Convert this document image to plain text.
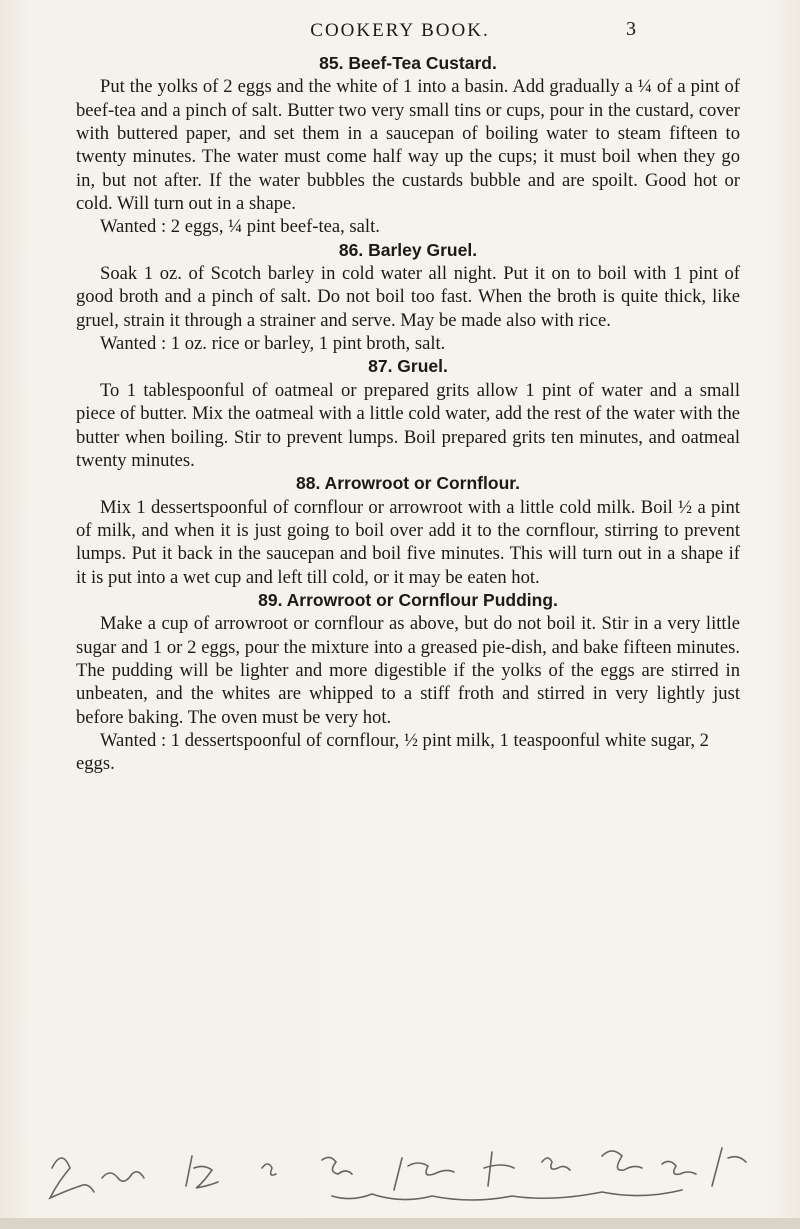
COOKERY BOOK.	3
85. Beef-Tea Custard.

Put the yolks of 2 eggs and the white of 1 into a basin. Add gradually a ¼ of a pint of beef-tea and a pinch of salt. Butter two very small tins or cups, pour in the custard, cover with buttered paper, and set them in a saucepan of boiling water to steam fifteen to twenty minutes. The water must come half way up the cups; it must boil when they go in, but not after. If the water bubbles the custards bubble and are spoilt. Good hot or cold. Will turn out in a shape.

Wanted : 2 eggs, ¼ pint beef-tea, salt.

86. Barley Gruel.

Soak 1 oz. of Scotch barley in cold water all night. Put it on to boil with 1 pint of good broth and a pinch of salt. Do not boil too fast. When the broth is quite thick, like gruel, strain it through a strainer and serve. May be made also with rice.

Wanted : 1 oz. rice or barley, 1 pint broth, salt.

87. Gruel.

To 1 tablespoonful of oatmeal or prepared grits allow 1 pint of water and a small piece of butter. Mix the oatmeal with a little cold water, add the rest of the water with the butter when boiling. Stir to prevent lumps. Boil prepared grits ten minutes, and oatmeal twenty minutes.

88. Arrowroot or Cornflour.

Mix 1 dessertspoonful of cornflour or arrowroot with a little cold milk. Boil ½ a pint of milk, and when it is just going to boil over add it to the cornflour, stirring to prevent lumps. Put it back in the saucepan and boil five minutes. This will turn out in a shape if it is put into a wet cup and left till cold, or it may be eaten hot.

89. Arrowroot or Cornflour Pudding.

Make a cup of arrowroot or cornflour as above, but do not boil it. Stir in a very little sugar and 1 or 2 eggs, pour the mixture into a greased pie-dish, and bake fifteen minutes. The pudding will be lighter and more digestible if the yolks of the eggs are stirred in unbeaten, and the whites are whipped to a stiff froth and stirred in very lightly just before baking. The oven must be very hot.

Wanted : 1 dessertspoonful of cornflour, ½ pint milk, 1 teaspoonful white sugar, 2 eggs.
